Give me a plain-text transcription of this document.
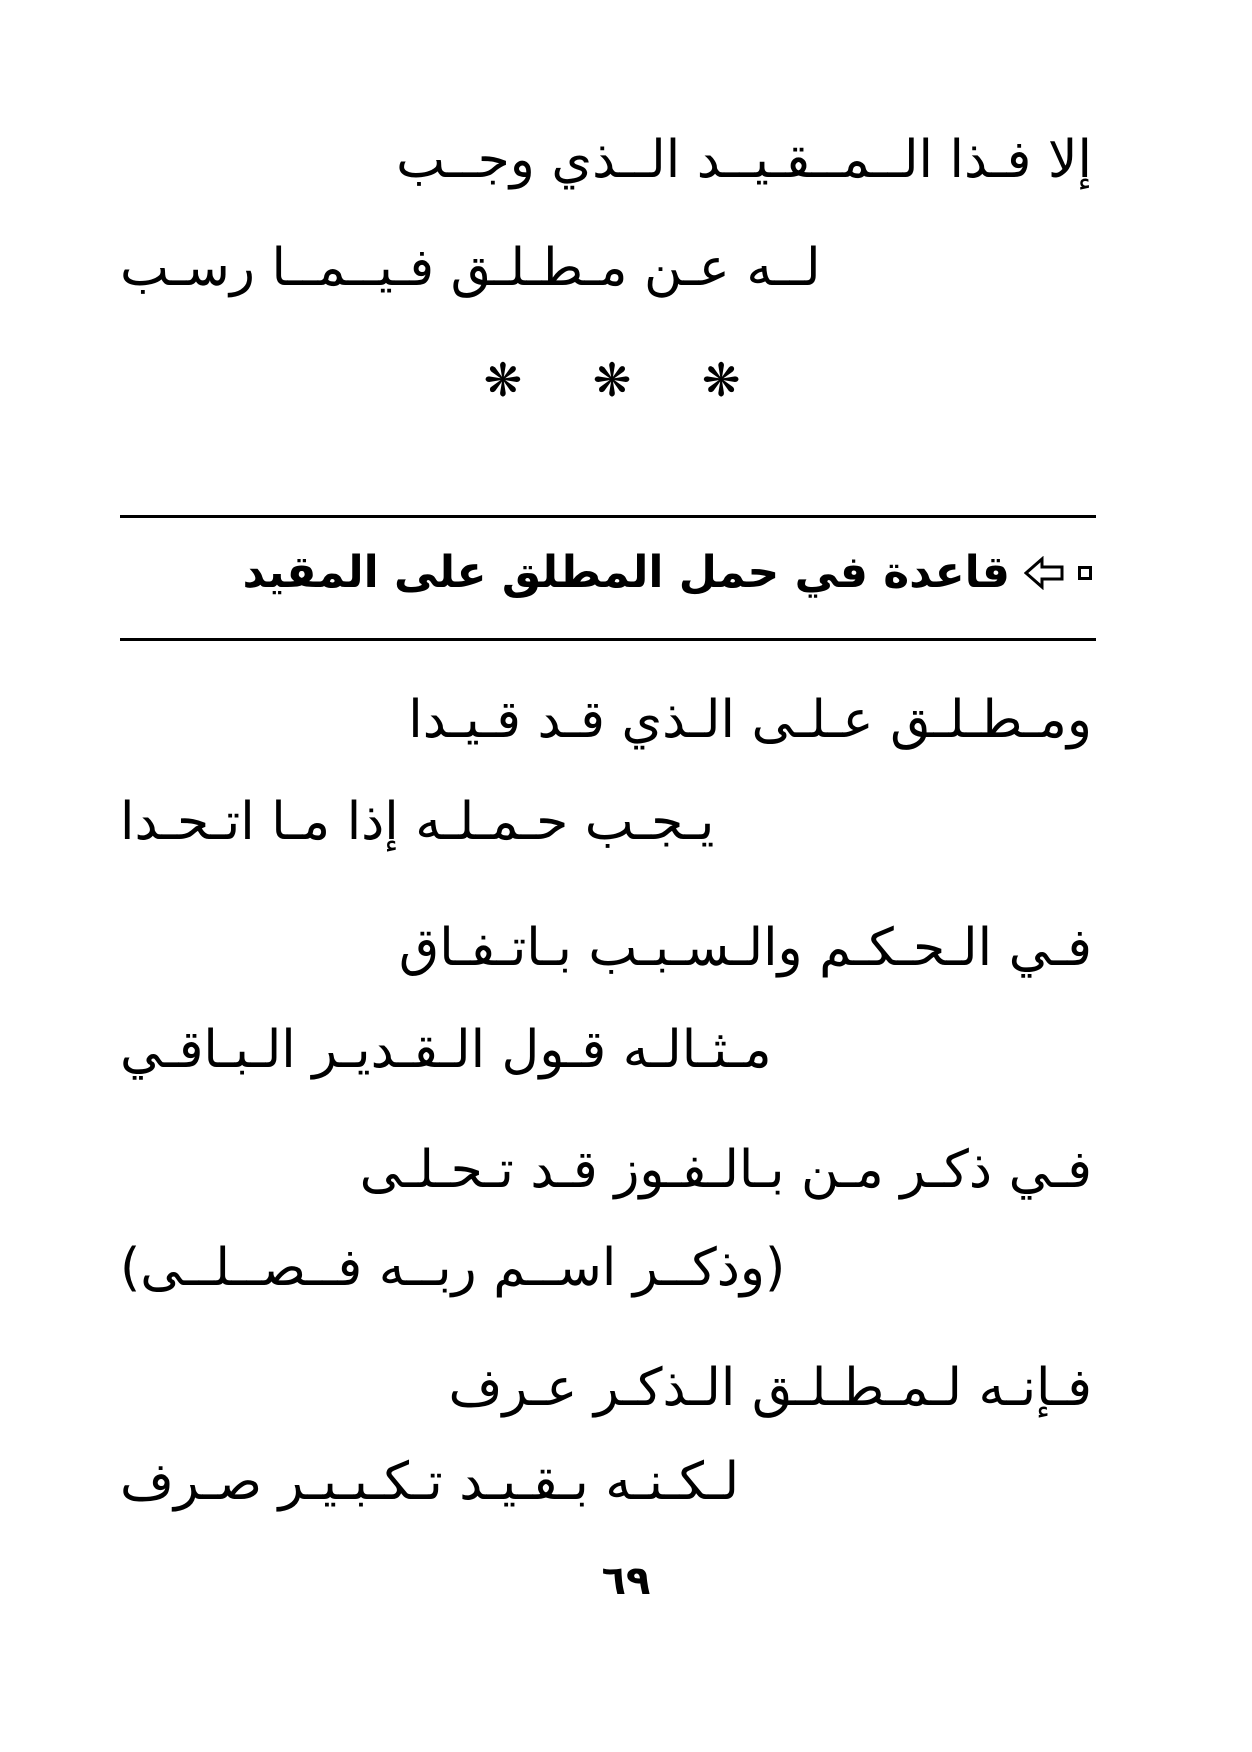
إلا فـذا الــمــقـيــد الــذي وجــب
لــه عـن مـطـلـق فـيــمــا رسـب
❋ ❋ ❋
قاعدة في حمل المطلق على المقيد
ومـطـلـق عـلـى الـذي قـد قـيـدا
يـجـب حـمـلـه إذا مـا اتـحـدا
فـي الـحـكـم والـسـبـب بـاتـفـاق
مـثـالـه قـول الـقـديـر الـبـاقـي
فـي ذكـر مـن بـالـفـوز قـد تـحـلـى
(وذكــر اســم ربــه فــصــلــى)
فـإنـه لـمـطـلـق الـذكـر عـرف
لـكـنـه بـقـيـد تـكـبـيـر صـرف
٦٩
